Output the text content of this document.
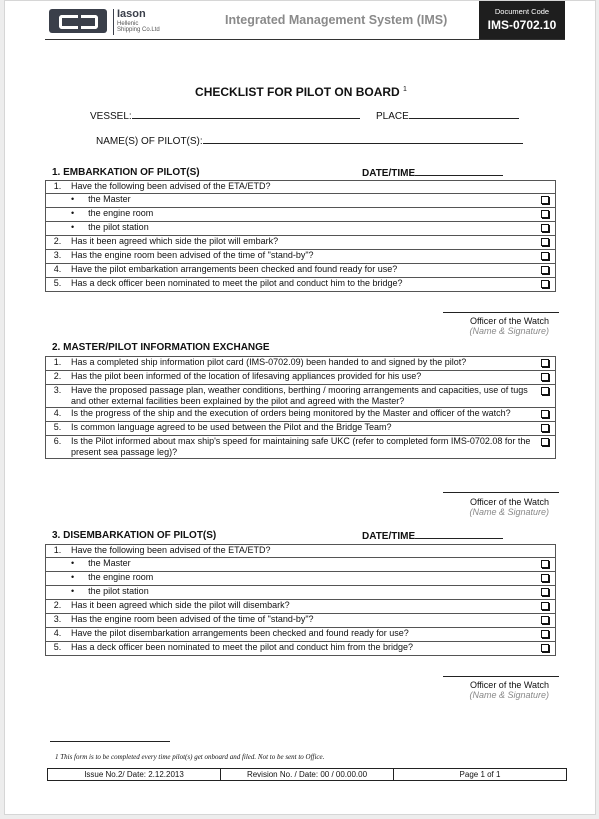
Iason
Hellenic
Shipping Co.Ltd
Integrated Management System (IMS)
Document Code
IMS-0702.10
CHECKLIST FOR PILOT ON BOARD $^1$
VESSEL:	PLACE
NAME(S) OF PILOT(S):
1. EMBARKATION OF PILOT(S)	DATE/TIME
1.	Have the following been advised of the ETA/ETD?	
	• the Master	
	• the engine room	
	• the pilot station	
2.	Has it been agreed which side the pilot will embark?	
3.	Has the engine room been advised of the time of "stand-by"?	
4.	Have the pilot embarkation arrangements been checked and found ready for use?	
5.	Has a deck officer been nominated to meet the pilot and conduct him to the bridge?	
Officer of the Watch
(Name & Signature)
2. MASTER/PILOT INFORMATION EXCHANGE
1.	Has a completed ship information pilot card (IMS-0702.09) been handed to and signed by the pilot?	
2.	Has the pilot been informed of the location of lifesaving appliances provided for his use?	
3.	Have the proposed passage plan, weather conditions, berthing / mooring arrangements and capacities, use of tugs and other external facilities been explained by the pilot and agreed with the Master?	
4.	Is the progress of the ship and the execution of orders being monitored by the Master and officer of the watch?	
5.	Is common language agreed to be used between the Pilot and the Bridge Team?	
6.	Is the Pilot informed about max ship's speed for maintaining safe UKC (refer to completed form IMS-0702.08 for the present sea passage leg)?	
Officer of the Watch
(Name & Signature)
3. DISEMBARKATION OF PILOT(S)	DATE/TIME
1.	Have the following been advised of the ETA/ETD?	
	• the Master	
	• the engine room	
	• the pilot station	
2.	Has it been agreed which side the pilot will disembark?	
3.	Has the engine room been advised of the time of "stand-by"?	
4.	Have the pilot disembarkation arrangements been checked and found ready for use?	
5.	Has a deck officer been nominated to meet the pilot and conduct him from the bridge?	
Officer of the Watch
(Name & Signature)
1 This form is to be completed every time pilot(s) get onboard and filed. Not to be sent to Office.
Issue No.2/ Date: 2.12.2013	Revision No. / Date: 00 / 00.00.00	Page 1 of 1
